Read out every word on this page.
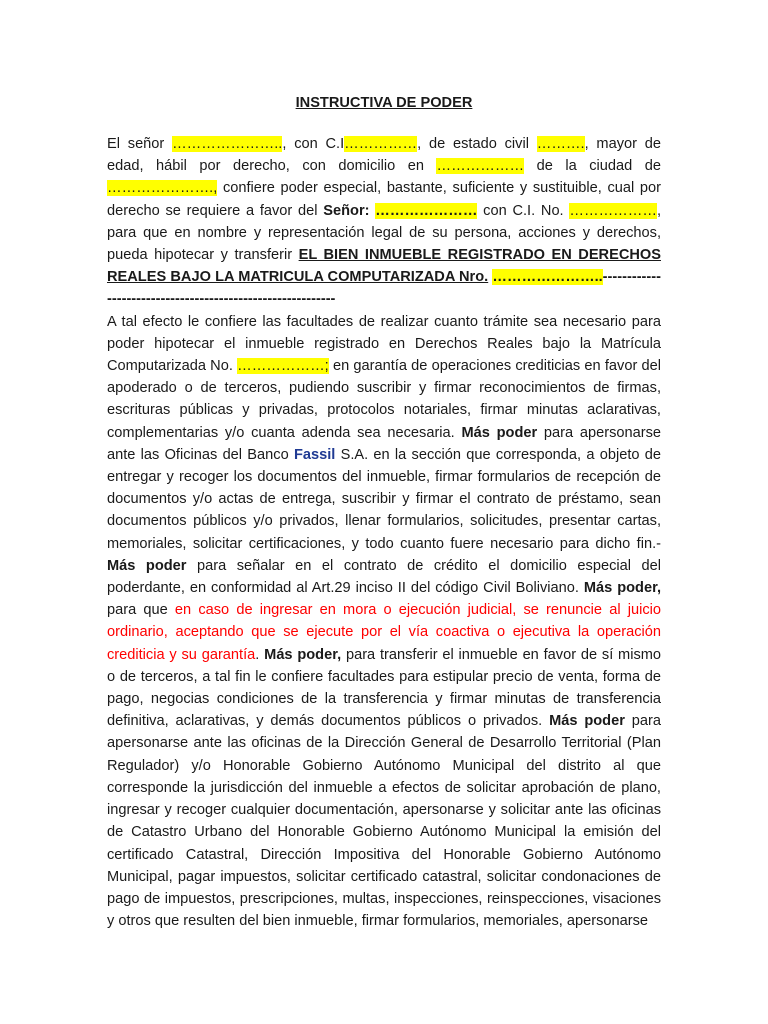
INSTRUCTIVA DE PODER

El señor ………………….., con C.I……………, de estado civil ………., mayor de edad, hábil por derecho, con domicilio en ……………… de la ciudad de …………………., confiere poder especial, bastante, suficiente y sustituible, cual por derecho se requiere a favor del Señor: ………………… con C.I. No. ………………, para que en nombre y representación legal de su persona, acciones y derechos, pueda hipotecar y transferir EL BIEN INMUEBLE REGISTRADO EN DERECHOS REALES BAJO LA MATRICULA COMPUTARIZADA Nro. …………………..-----------------------------------------------------------

A tal efecto le confiere las facultades de realizar cuanto trámite sea necesario para poder hipotecar el inmueble registrado en Derechos Reales bajo la Matrícula Computarizada No. ………………; en garantía de operaciones crediticias en favor del apoderado o de terceros, pudiendo suscribir y firmar reconocimientos de firmas, escrituras públicas y privadas, protocolos notariales, firmar minutas aclarativas, complementarias y/o cuanta adenda sea necesaria. Más poder para apersonarse ante las Oficinas del Banco Fassil S.A. en la sección que corresponda, a objeto de entregar y recoger los documentos del inmueble, firmar formularios de recepción de documentos y/o actas de entrega, suscribir y firmar el contrato de préstamo, sean documentos públicos y/o privados, llenar formularios, solicitudes, presentar cartas, memoriales, solicitar certificaciones, y todo cuanto fuere necesario para dicho fin.- Más poder para señalar en el contrato de crédito el domicilio especial del poderdante, en conformidad al Art.29 inciso II del código Civil Boliviano. Más poder, para que en caso de ingresar en mora o ejecución judicial, se renuncie al juicio ordinario, aceptando que se ejecute por el vía coactiva o ejecutiva la operación crediticia y su garantía. Más poder, para transferir el inmueble en favor de sí mismo o de terceros, a tal fin le confiere facultades para estipular precio de venta, forma de pago, negocias condiciones de la transferencia y firmar minutas de transferencia definitiva, aclarativas, y demás documentos públicos o privados. Más poder para apersonarse ante las oficinas de la Dirección General de Desarrollo Territorial (Plan Regulador) y/o Honorable Gobierno Autónomo Municipal del distrito al que corresponde la jurisdicción del inmueble a efectos de solicitar aprobación de plano, ingresar y recoger cualquier documentación, apersonarse y solicitar ante las oficinas de Catastro Urbano del Honorable Gobierno Autónomo Municipal la emisión del certificado Catastral, Dirección Impositiva del Honorable Gobierno Autónomo Municipal, pagar impuestos, solicitar certificado catastral, solicitar condonaciones de pago de impuestos, prescripciones, multas, inspecciones, reinspecciones, visaciones y otros que resulten del bien inmueble, firmar formularios, memoriales, apersonarse
